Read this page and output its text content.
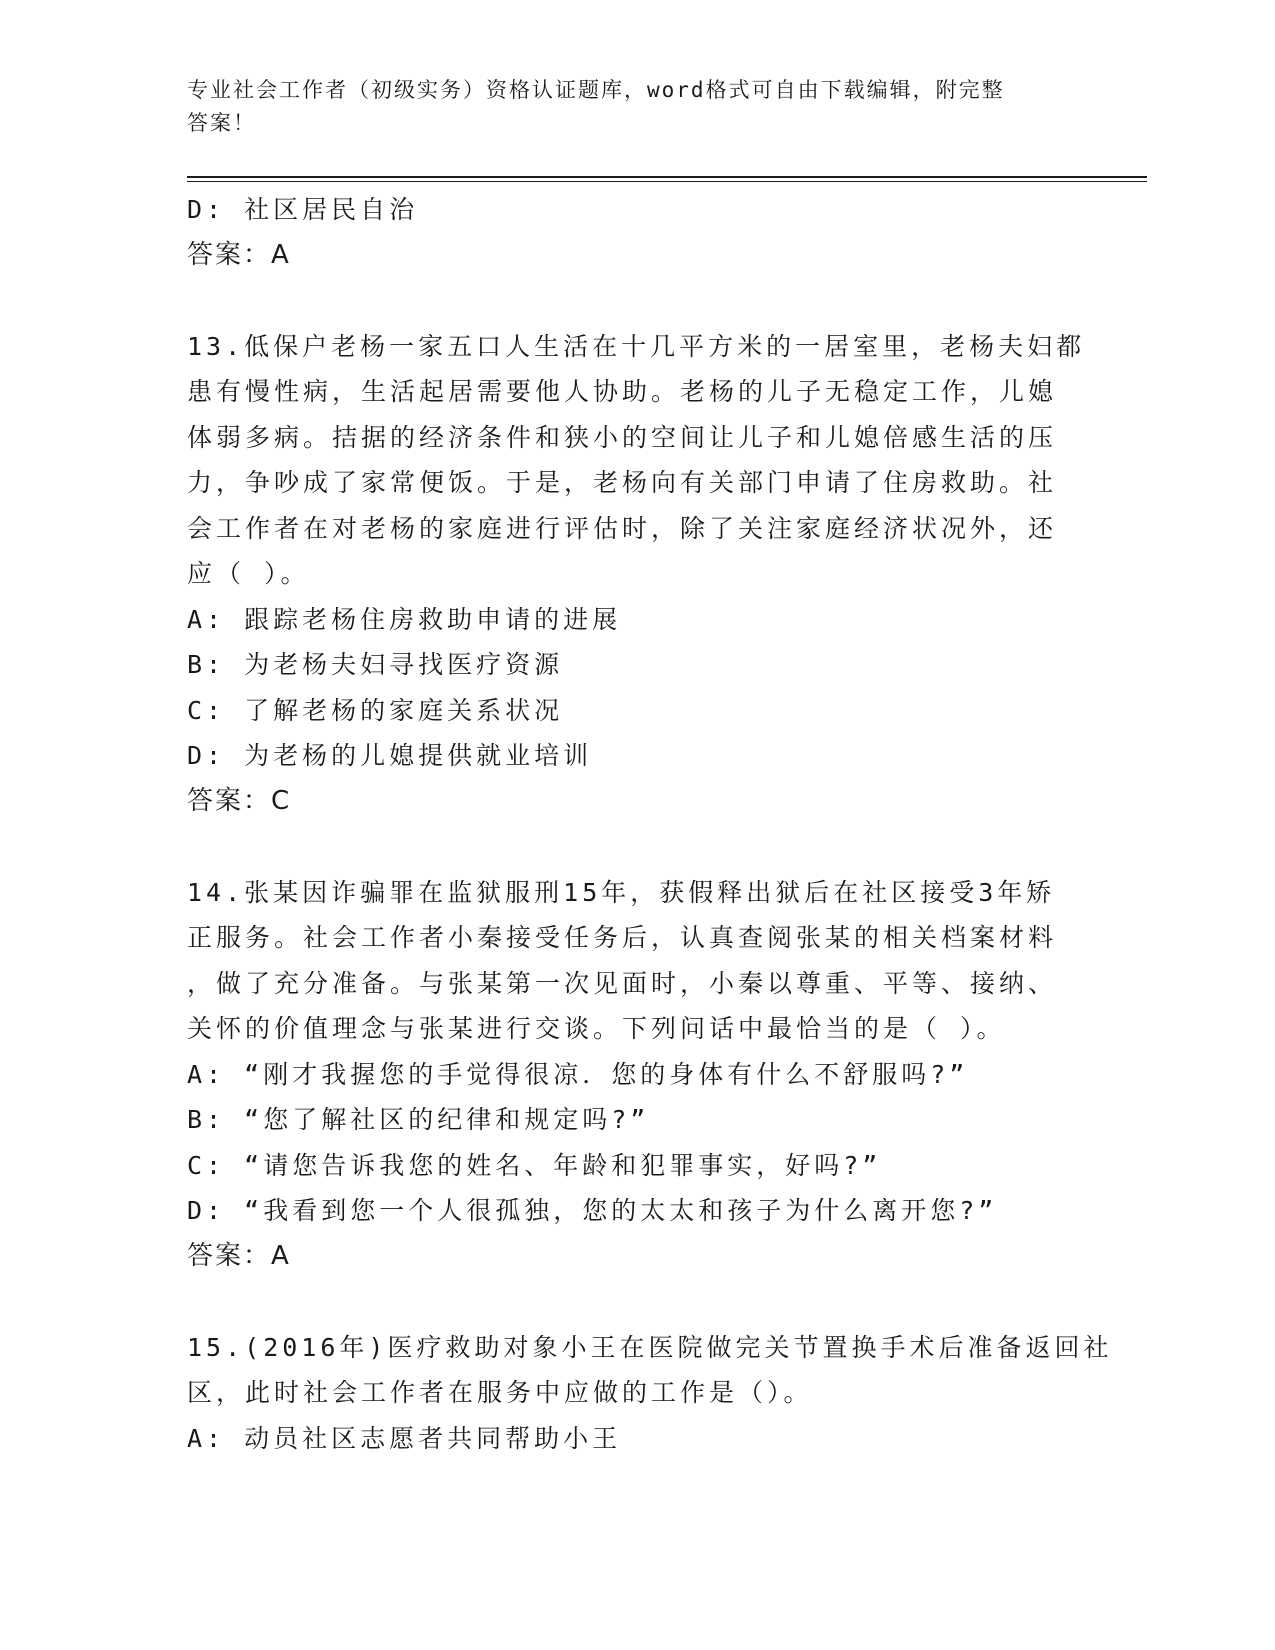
专业社会工作者（初级实务）资格认证题库，word格式可自由下载编辑，附完整
答案！
D: 社区居民自治
答案：A
13.低保户老杨一家五口人生活在十几平方米的一居室里，老杨夫妇都
患有慢性病，生活起居需要他人协助。老杨的儿子无稳定工作，儿媳
体弱多病。拮据的经济条件和狭小的空间让儿子和儿媳倍感生活的压
力，争吵成了家常便饭。于是，老杨向有关部门申请了住房救助。社
会工作者在对老杨的家庭进行评估时，除了关注家庭经济状况外，还
应（ ）。
A: 跟踪老杨住房救助申请的进展
B: 为老杨夫妇寻找医疗资源
C: 了解老杨的家庭关系状况
D: 为老杨的儿媳提供就业培训
答案：C
14.张某因诈骗罪在监狱服刑15年，获假释出狱后在社区接受3年矫
正服务。社会工作者小秦接受任务后，认真查阅张某的相关档案材料
，做了充分准备。与张某第一次见面时，小秦以尊重、平等、接纳、
关怀的价值理念与张某进行交谈。下列问话中最恰当的是（ ）。
A: “刚才我握您的手觉得很凉．您的身体有什么不舒服吗?”
B: “您了解社区的纪律和规定吗?”
C: “请您告诉我您的姓名、年龄和犯罪事实，好吗?”
D: “我看到您一个人很孤独，您的太太和孩子为什么离开您?”
答案：A
15.(2016年)医疗救助对象小王在医院做完关节置换手术后准备返回社
区，此时社会工作者在服务中应做的工作是（）。
A: 动员社区志愿者共同帮助小王
